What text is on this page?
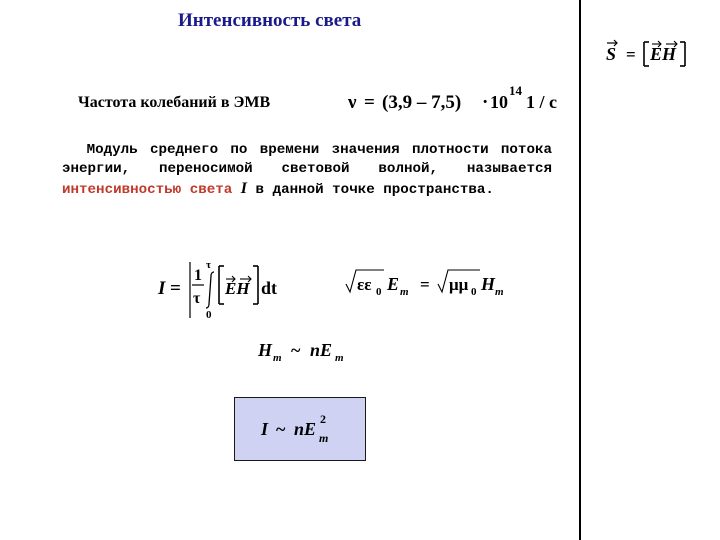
Интенсивность света
S = EH
Частота колебаний в ЭМВ	ν = (3,9 – 7,5) · 10
14
1 / c
Модуль среднего по времени значения плотности потока энергии, переносимой световой волной, называется интенсивностью света I в данной точке пространства.
I =
1
τ
τ
0
EH dt	εε 0 E m = μμ 0 H m
H m ~ nE m
I ~ nE 2
m
